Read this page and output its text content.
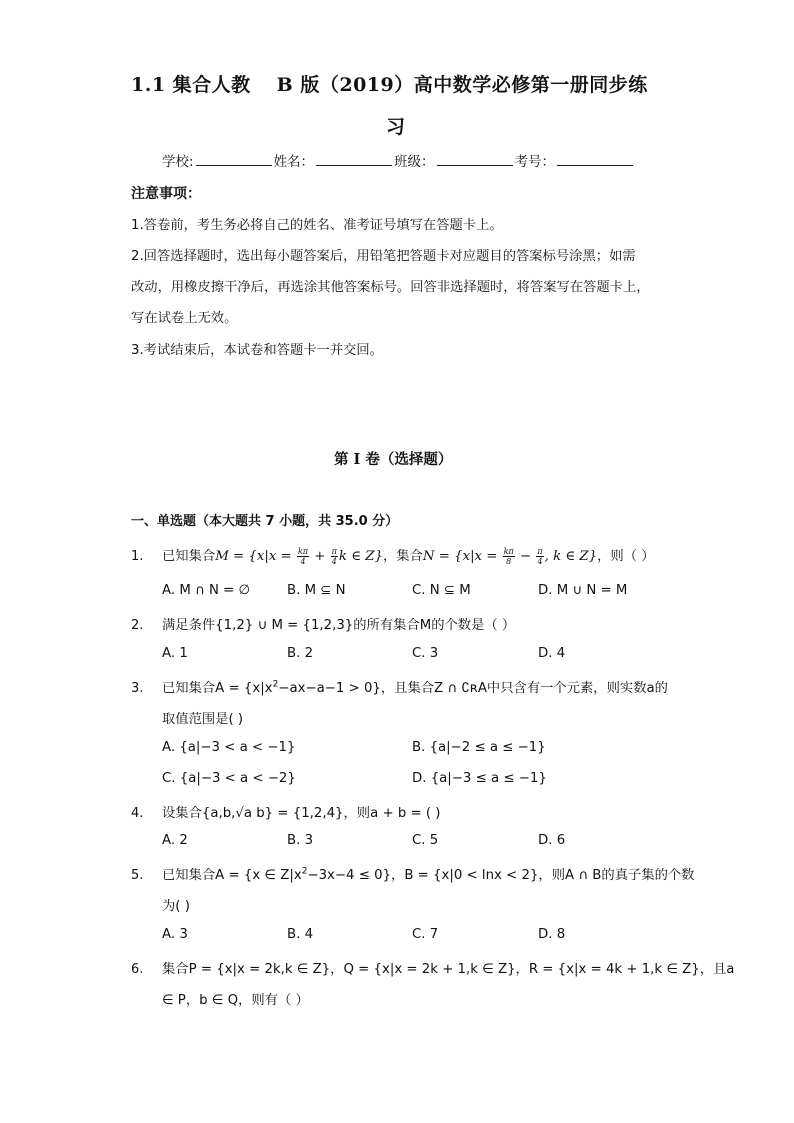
1.1 集合人教 B 版（2019）高中数学必修第一册同步练
习
学校:	姓名：	班级：	考号：
注意事项：
1.答卷前，考生务必将自己的姓名、准考证号填写在答题卡上。
2.回答选择题时，选出每小题答案后，用铅笔把答题卡对应题目的答案标号涂黑；如需
改动，用橡皮擦干净后，再选涂其他答案标号。回答非选择题时，将答案写在答题卡上，
写在试卷上无效。
3.考试结束后，本试卷和答题卡一并交回。
第 I 卷（选择题）
一、单选题（本大题共 7 小题，共 35.0 分）
1. 已知集合$M = \{x|x = \frac{k\pi}{4} + \frac{\pi}{4}$ k ∈ Z}，集合$N = \{x|x = \frac{k\pi}{8} - \frac{\pi}{4}$ , k ∈ Z}，则（ ）
A. M ∩ N = ∅	B. M ⊆ N	C. N ⊆ M	D. M ∪ N = M
2. 满足条件{1,2} ∪ M = {1,2,3}的所有集合M的个数是（ ）
A. 1	B. 2	C. 3	D. 4
3. 已知集合$A = \{x|x^2-ax-a-1 > 0\}$，且集合Z ∩ ∁ʀA中只含有一个元素，则实数a的
取值范围是( )
A. {a|−3 < a < −1}	B. {a|−2 ≤ a ≤ −1}
C. {a|−3 < a < −2}	D. {a|−3 ≤ a ≤ −1}
4. 设集合{a,b,√a b} = {1,2,4}，则a + b = ( )
A. 2	B. 3	C. 5	D. 6
5. 已知集合A = {x ∈ $Z|x^2-3x-4 \le 0$}，B = {x|0 < lnx < 2}，则A ∩ B的真子集的个数
为( )
A. 3	B. 4	C. 7	D. 8
6. 集合P = {x|x = 2k,k ∈ Z}，Q = {x|x = 2k + 1,k ∈ Z}，R = {x|x = 4k + 1,k ∈ Z}，且a
∈ P，b ∈ Q，则有（ ）
